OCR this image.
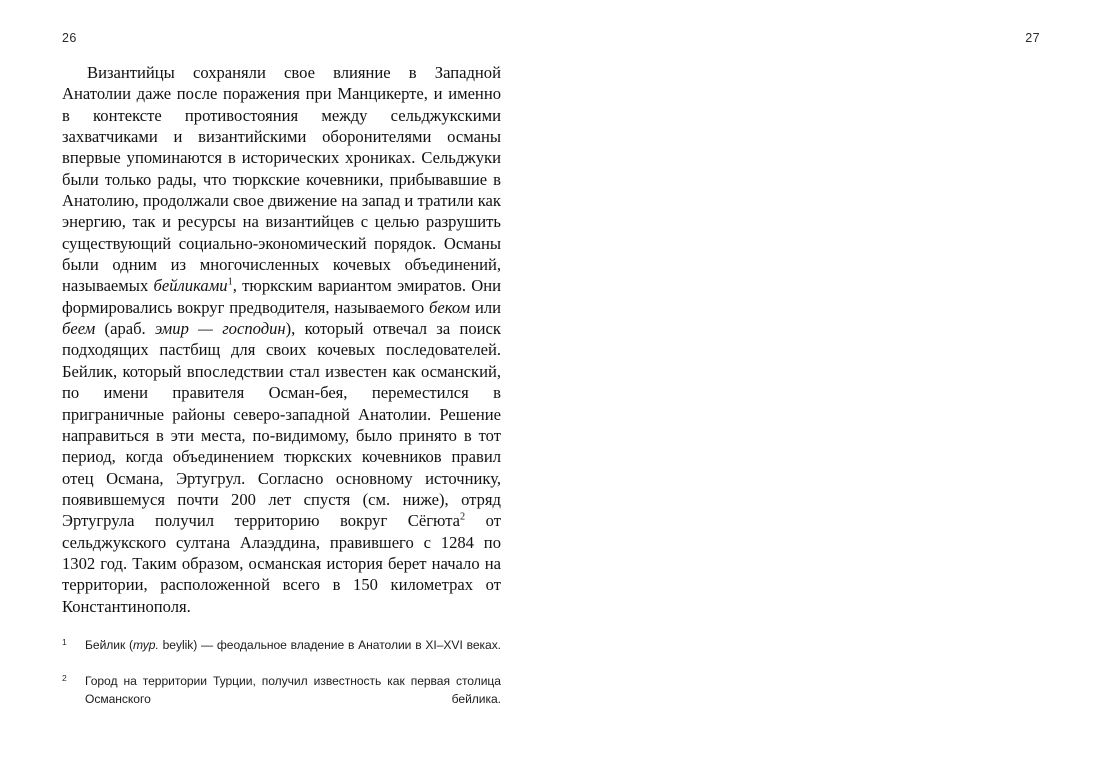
26

Византийцы сохраняли свое влияние в Западной Анатолии даже после поражения при Манцикерте, и именно в контексте противостояния между сельджукскими захватчиками и византийскими оборонителями османы впервые упоминаются в исторических хрониках. Сельджуки были только рады, что тюркские кочевники, прибывавшие в Анатолию, продолжали свое движение на запад и тратили как энергию, так и ресурсы на византийцев с целью разрушить существующий социально-экономический порядок. Османы были одним из многочисленных кочевых объединений, называемых бейликами$^1$, тюркским вариантом эмиратов. Они формировались вокруг предводителя, называемого беком или беем (араб. эмир — господин), который отвечал за поиск подходящих пастбищ для своих кочевых последователей. Бейлик, который впоследствии стал известен как османский, по имени правителя Осман-бея, переместился в приграничные районы северо-западной Анатолии. Решение направиться в эти места, по-видимому, было принято в тот период, когда объединением тюркских кочевников правил отец Османа, Эртугрул. Согласно основному источнику, появившемуся почти 200 лет спустя (см. ниже), отряд Эртугрула получил территорию вокруг Сёгюта$^2$ от сельджукского султана Алаэддина, правившего с 1284 по 1302 год. Таким образом, османская история берет начало на территории, расположенной всего в 150 километрах от Константинополя.

1	Бейлик (тур. beylik) — феодальное владение в Анатолии в XI–XVI веках.
2	Город на территории Турции, получил известность как первая столица Османского бейлика.
27
